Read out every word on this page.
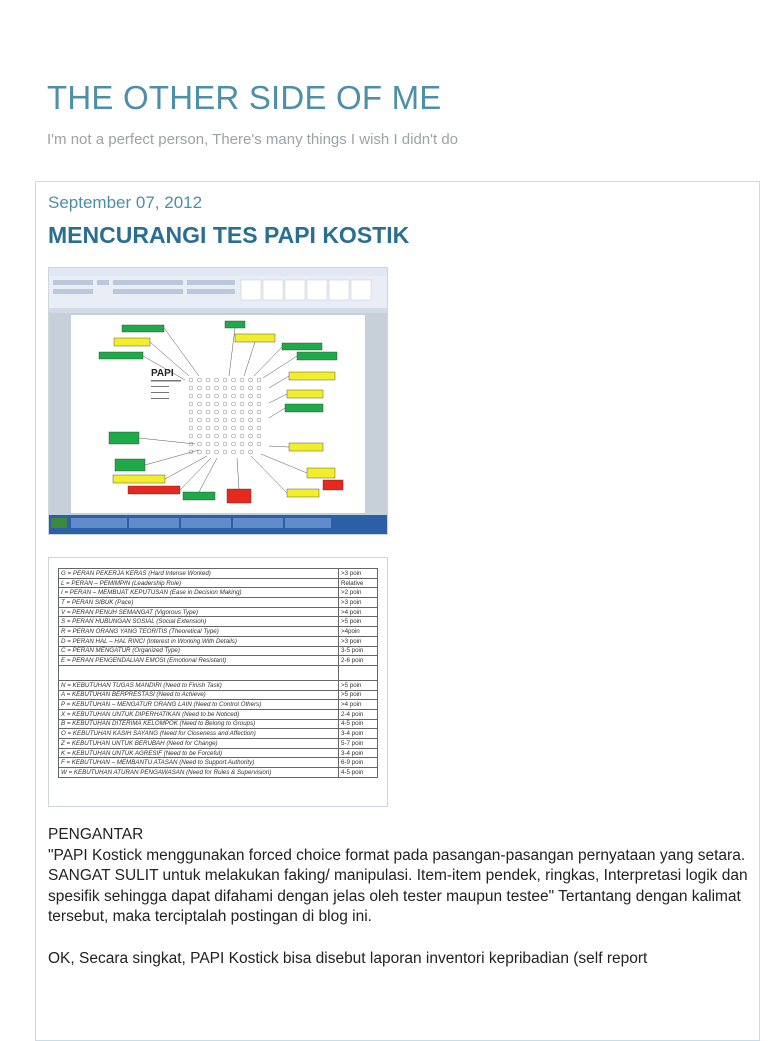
THE OTHER SIDE OF ME

I'm not a perfect person, There's many things I wish I didn't do

September 07, 2012
MENCURANGI TES PAPI KOSTIK
PAPI
G = PERAN PEKERJA KERAS (Hard Intense Worked)	>3 poin
L = PERAN – PEMIMPIN (Leadership Role)	Relative
I = PERAN – MEMBUAT KEPUTUSAN (Ease in Decision Making)	>2 poin
T = PERAN SIBUK (Pace)	>3 poin
V = PERAN PENUH SEMANGAT (Vigorous Type)	>4 poin
S = PERAN HUBUNGAN SOSIAL (Social Extension)	>5 poin
R = PERAN ORANG YANG TEORITIS (Theoretical Type)	>4poin
D = PERAN HAL – HAL RINCI (Interest in Working With Details)	>3 poin
C = PERAN MENGATUR (Organized Type)	3-5 poin
E = PERAN PENGENDALIAN EMOSI (Emotional Resistant)	2-6 poin

N = KEBUTUHAN TUGAS MANDIRI (Need to Finish Task)	>5 poin
A = KEBUTUHAN BERPRESTASI (Need to Achieve)	>5 poin
P = KEBUTUHAN – MENGATUR ORANG LAIN (Need to Control Others)	>4 poin
X = KEBUTUHAN UNTUK DIPERHATIKAN (Need to be Noticed)	2-4 poin
B = KEBUTUHAN DITERIMA KELOMPOK (Need to Belong to Groups)	4-5 poin
O = KEBUTUHAN KASIH SAYANG (Need for Closeness and Affection)	3-4 poin
Z = KEBUTUHAN UNTUK BERUBAH (Need for Change)	5-7 poin
K = KEBUTUHAN UNTUK AGRESIF (Need to be Forceful)	3-4 poin
F = KEBUTUHAN – MEMBANTU ATASAN (Need to Support Authority)	6-9 poin
W = KEBUTUHAN ATURAN PENGAWASAN (Need for Rules & Supervision)	4-5 poin

PENGANTAR
"PAPI Kostick menggunakan forced choice format pada pasangan-pasangan pernyataan yang setara. SANGAT SULIT untuk melakukan faking/ manipulasi. Item-item pendek, ringkas, Interpretasi logik dan spesifik sehingga dapat difahami dengan jelas oleh tester maupun testee" Tertantang dengan kalimat tersebut, maka terciptalah postingan di blog ini.

OK, Secara singkat, PAPI Kostick bisa disebut laporan inventori kepribadian (self report
